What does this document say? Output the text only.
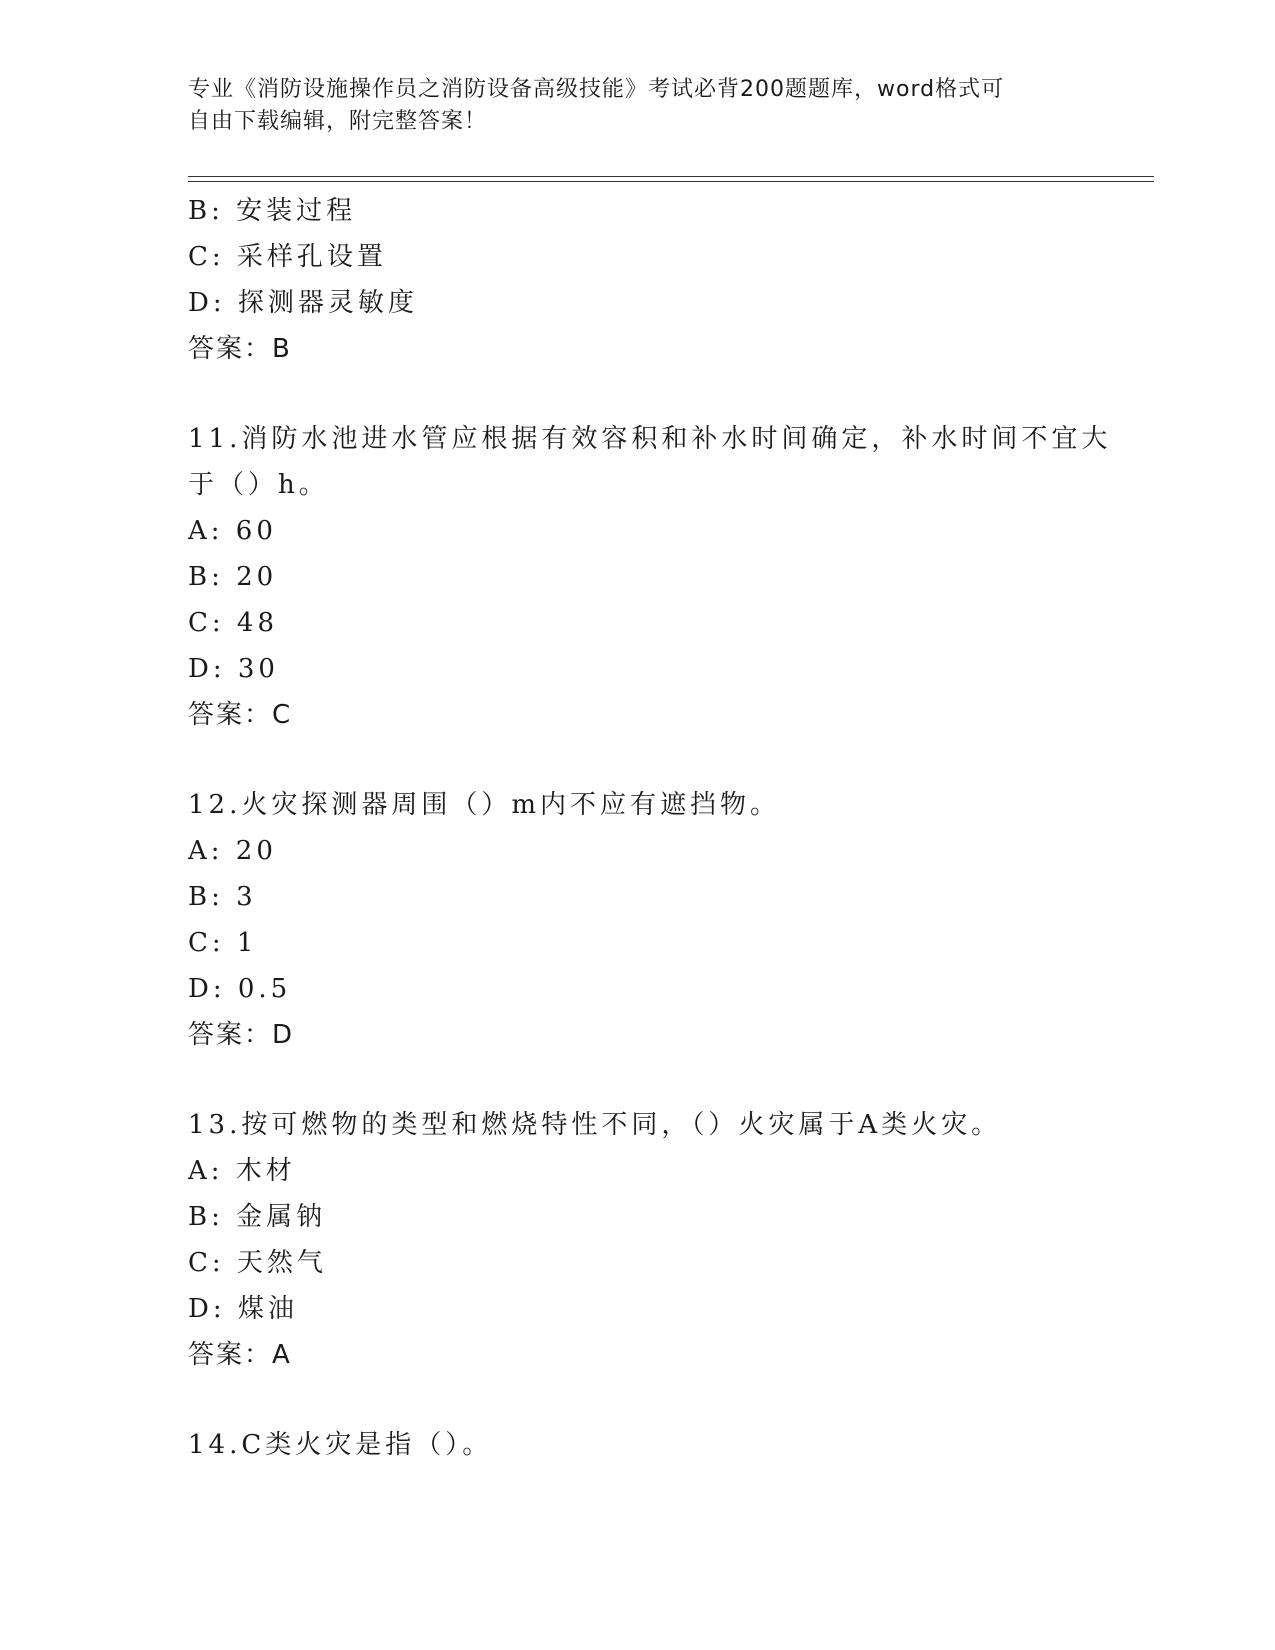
专业《消防设施操作员之消防设备高级技能》考试必背200题题库，word格式可
自由下载编辑，附完整答案！
B: 安装过程
C: 采样孔设置
D: 探测器灵敏度
答案：B
11.消防水池进水管应根据有效容积和补水时间确定，补水时间不宜大
于（）h。
A: 60
B: 20
C: 48
D: 30
答案：C
12.火灾探测器周围（）m内不应有遮挡物。
A: 20
B: 3
C: 1
D: 0.5
答案：D
13.按可燃物的类型和燃烧特性不同，（）火灾属于A类火灾。
A: 木材
B: 金属钠
C: 天然气
D: 煤油
答案：A
14.C类火灾是指（）。
